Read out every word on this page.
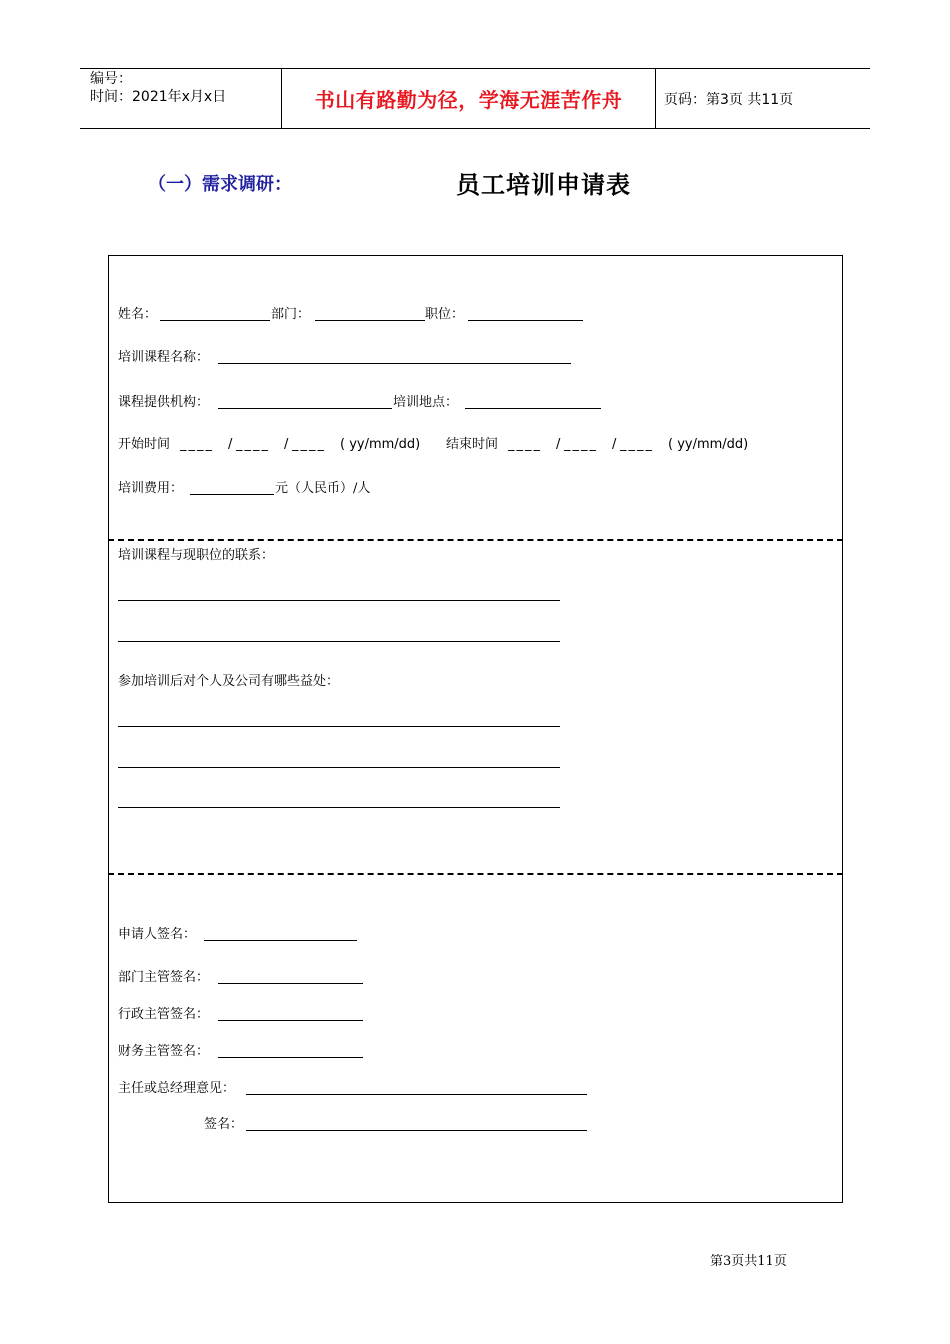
编号：
时间：2021年x月x日	书山有路勤为径，学海无涯苦作舟	页码：第3页 共11页
（一）需求调研：	员工培训申请表
姓名：	部门：	职位：
培训课程名称：
课程提供机构：	培训地点：
开始时间 ____ / ____ / ____ ( yy/mm/dd) 结束时间 ____ / ____ / ____ ( yy/mm/dd)
培训费用：	元（人民币）/人
培训课程与现职位的联系：
参加培训后对个人及公司有哪些益处：
申请人签名：
部门主管签名：
行政主管签名：
财务主管签名：
主任或总经理意见：
签名：
第3页共11页
